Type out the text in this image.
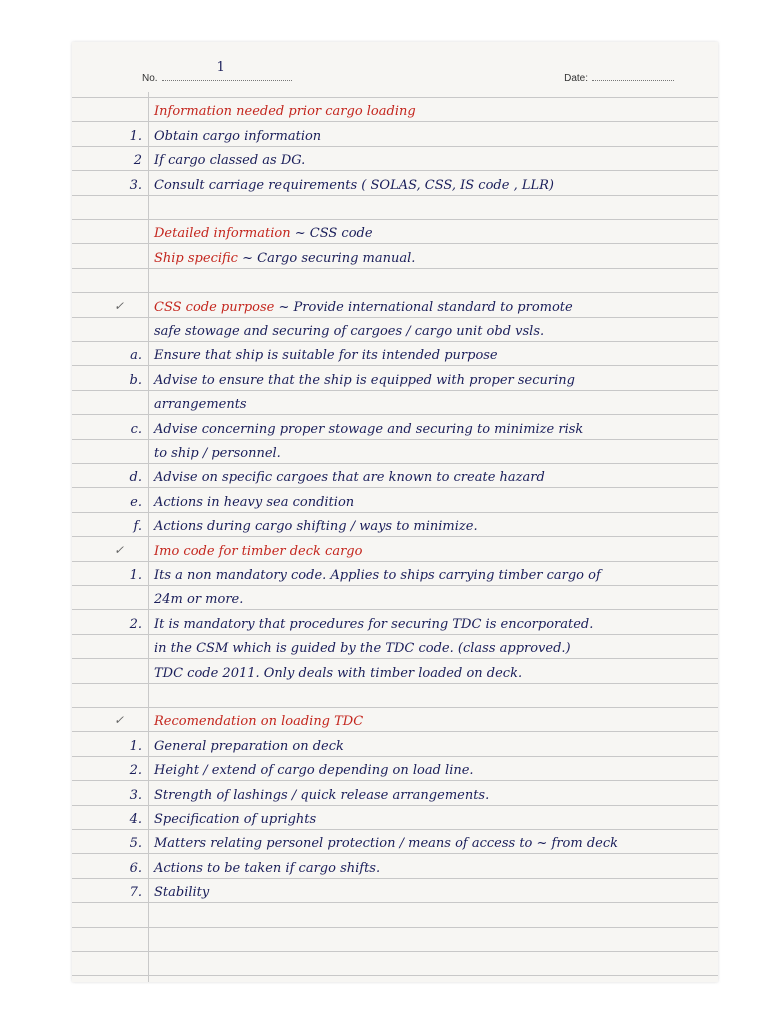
No.
1
Date:
Information needed prior cargo loading
1. Obtain cargo information
2 If cargo classed as DG.
3. Consult carriage requirements ( SOLAS, CSS, IS code , LLR)
Detailed information ~ CSS code
Ship specific ~ Cargo securing manual.
✓ CSS code purpose ~ Provide international standard to promote
safe stowage and securing of cargoes / cargo unit obd vsls.
a. Ensure that ship is suitable for its intended purpose
b. Advise to ensure that the ship is equipped with proper securing
arrangements
c. Advise concerning proper stowage and securing to minimize risk
to ship / personnel.
d. Advise on specific cargoes that are known to create hazard
e. Actions in heavy sea condition
f. Actions during cargo shifting / ways to minimize.
✓ Imo code for timber deck cargo
1. Its a non mandatory code. Applies to ships carrying timber cargo of
24m or more.
2. It is mandatory that procedures for securing TDC is encorporated.
in the CSM which is guided by the TDC code. (class approved.)
TDC code 2011. Only deals with timber loaded on deck.
✓ Recomendation on loading TDC
1. General preparation on deck
2. Height / extend of cargo depending on load line.
3. Strength of lashings / quick release arrangements.
4. Specification of uprights
5. Matters relating personel protection / means of access to ~ from deck
6. Actions to be taken if cargo shifts.
7. Stability
